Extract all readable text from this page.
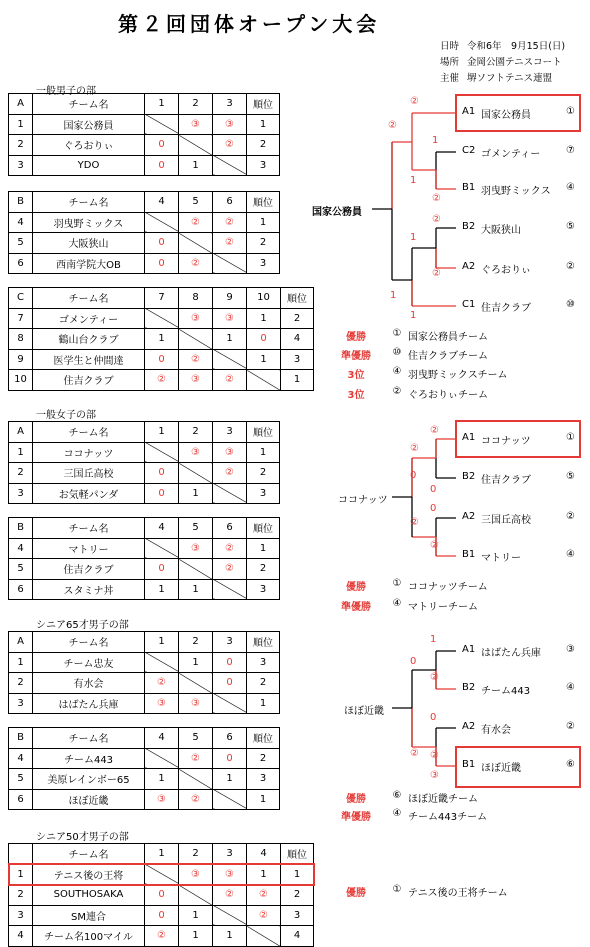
第２回団体オープン大会
日時 令和6年　9月15日(日)
場所 金岡公園テニスコート
主催 堺ソフトテニス連盟
一般男子の部
一般女子の部
シニア65才男子の部
シニア50才男子の部
A	チーム名	1	2	3	順位
1	国家公務員		③	③	1
2	ぐろおりぃ	0		②	2
3	YDO	0	1		3
B	チーム名	4	5	6	順位
4	羽曳野ミックス		②	②	1
5	大阪狭山	0		②	2
6	西南学院大OB	0	②		3
C	チーム名	7	8	9	10	順位
7	ゴメンティー		③	③	1	2
8	鶴山台クラブ	1		1	0	4
9	医学生と仲間達	0	②		1	3
10	住吉クラブ	②	③	②		1
A	チーム名	1	2	3	順位
1	ココナッツ		③	③	1
2	三国丘高校	0		②	2
3	お気軽パンダ	0	1		3
B	チーム名	4	5	6	順位
4	マトリー		③	②	1
5	住吉クラブ	0		②	2
6	スタミナ丼	1	1		3
A	チーム名	1	2	3	順位
1	チーム忠友		1	0	3
2	有水会	②		0	2
3	はばたん兵庫	③	③		1
B	チーム名	4	5	6	順位
4	チーム443		②	0	2
5	美原レインボー65	1		1	3
6	ほぼ近畿	③	②		1
	チーム名	1	2	3	4	順位
1	テニス後の王将		③	③	1	1
2	SOUTHOSAKA	0		②	②	2
3	SM連合	0	1		②	3
4	チーム名100マイル	②	1	1		4
A1 国家公務員	①
C2 ゴメンティー	⑦
B1 羽曳野ミックス ④
B2 大阪狭山	⑤
A2 ぐろおりぃ	②
C1 住吉クラブ	⑩
国家公務員
②
②
1
1
②
1
②
1
1
②
A1 ココナッツ	①
B2 住吉クラブ	⑤
A2 三国丘高校	②
B1 マトリー	④
ココナッツ
②
②
0
②
0
0
②
A1 はばたん兵庫	③
B2 チーム443	④
A2 有水会	②
B1 ほぼ近畿	⑥
ほぼ近畿
1
0
②
②
0
②
③
優勝	① 国家公務員チーム
準優勝	⑩ 住吉クラブチーム
3位	④ 羽曳野ミックスチーム
3位	② ぐろおりぃチーム
優勝	① ココナッツチーム
準優勝	④ マトリーチーム
優勝	⑥ ほぼ近畿チーム
準優勝	④ チーム443チーム
優勝	① テニス後の王将チーム
